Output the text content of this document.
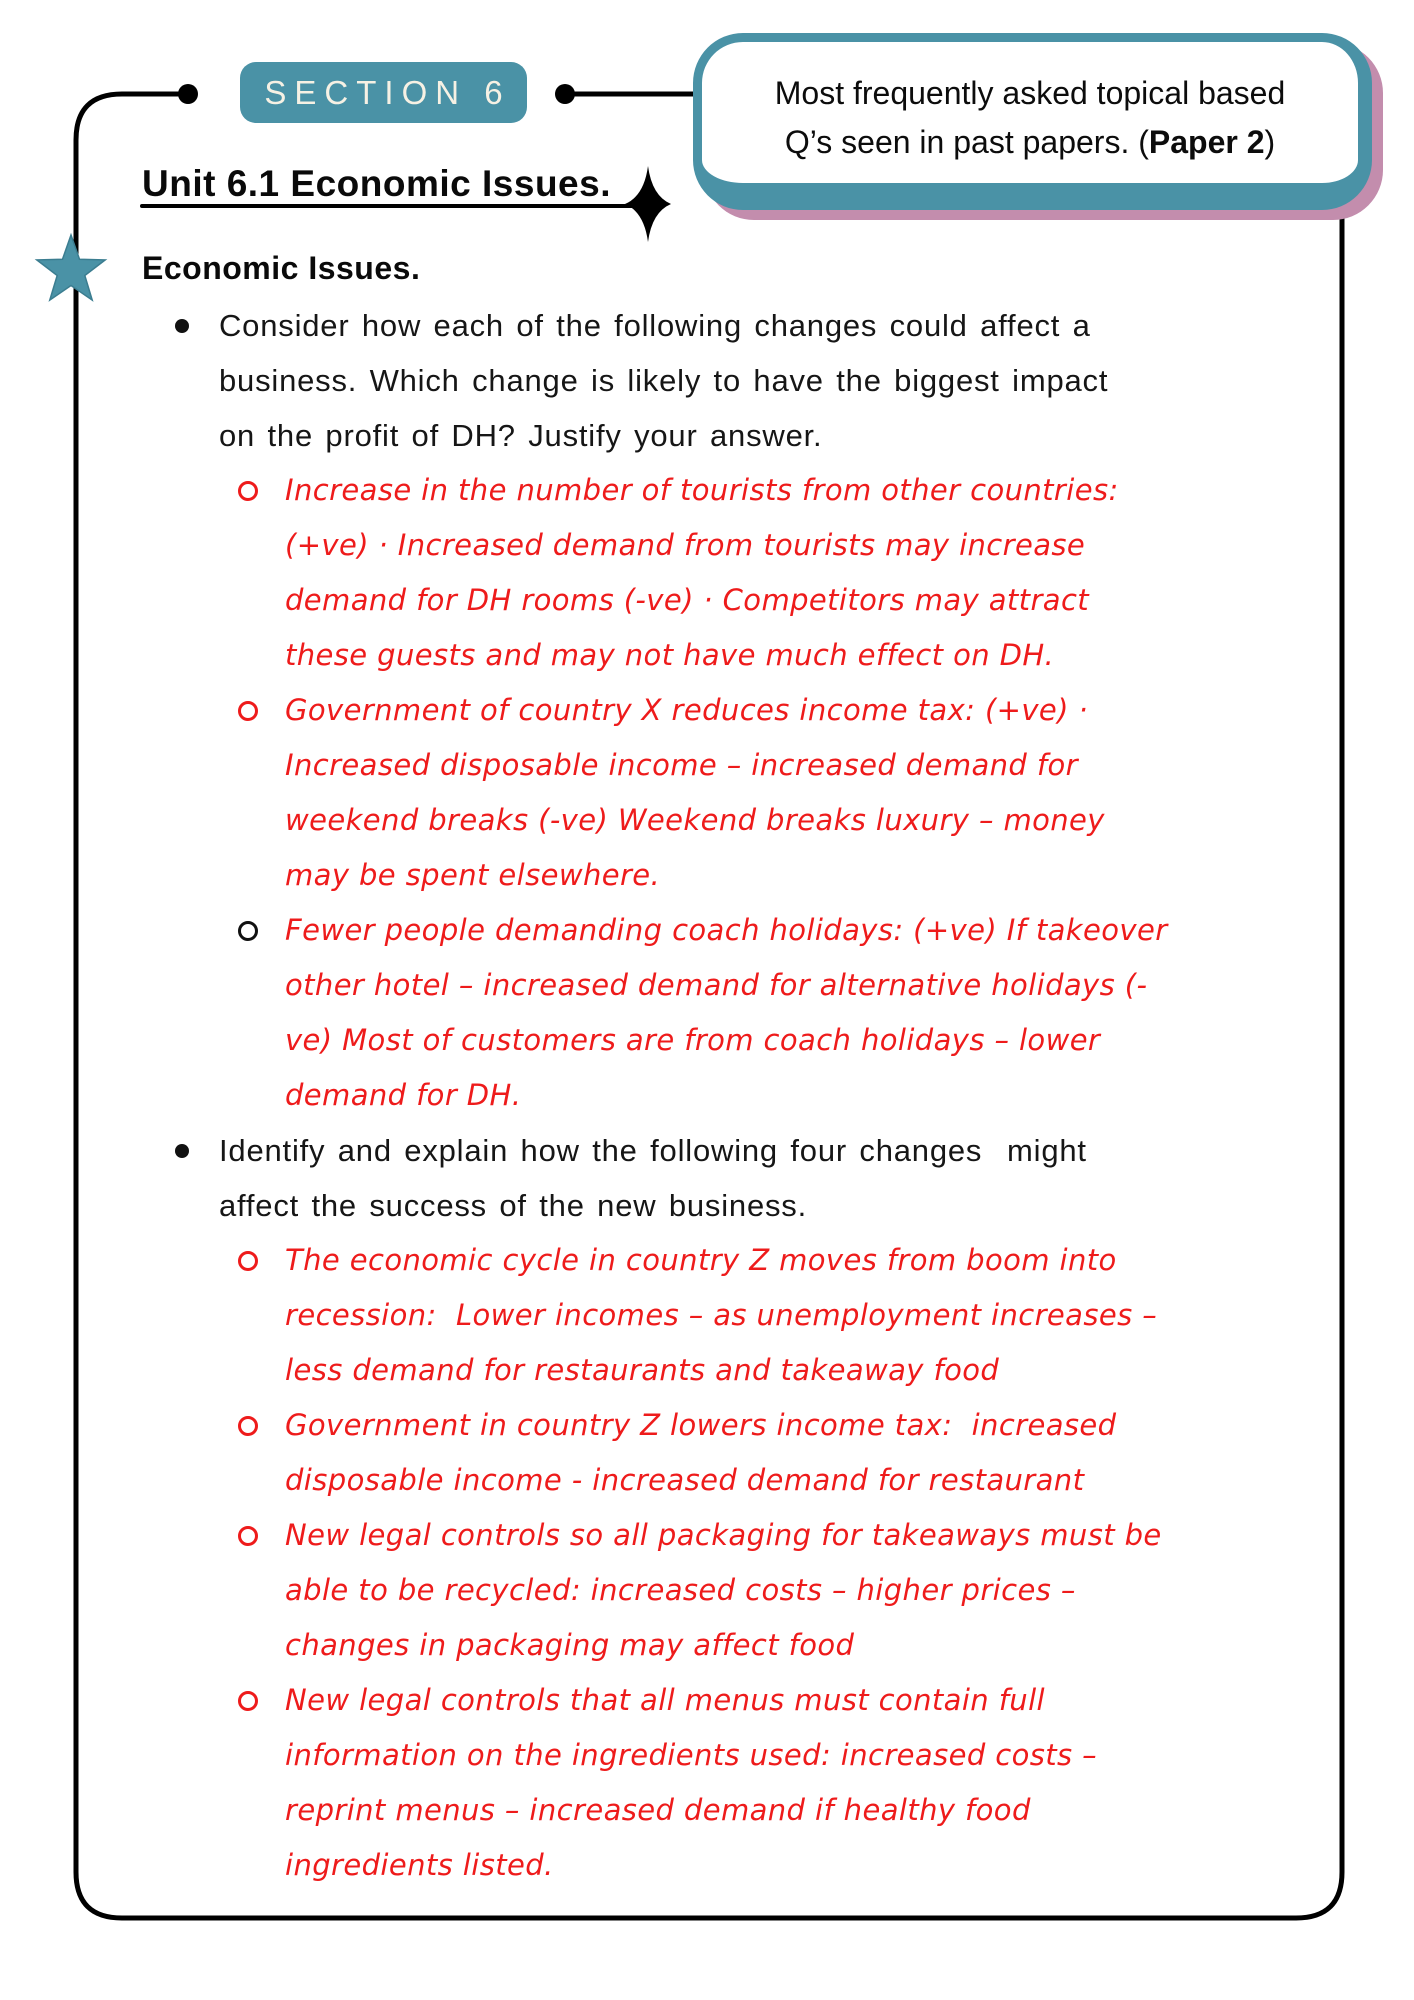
SECTION 6	Most frequently asked topical based
Q’s seen in past papers. (Paper 2)
Unit 6.1 Economic Issues.
Economic Issues.
Consider how each of the following changes could affect a
business. Which change is likely to have the biggest impact
on the profit of DH? Justify your answer.
Increase in the number of tourists from other countries:
(+ve) · Increased demand from tourists may increase
demand for DH rooms (-ve) · Competitors may attract
these guests and may not have much effect on DH.
Government of country X reduces income tax: (+ve) ·
Increased disposable income – increased demand for
weekend breaks (-ve) Weekend breaks luxury – money
may be spent elsewhere.
Fewer people demanding coach holidays: (+ve) If takeover
other hotel – increased demand for alternative holidays (-
ve) Most of customers are from coach holidays – lower
demand for DH.
Identify and explain how the following four changes  might
affect the success of the new business.
The economic cycle in country Z moves from boom into
recession:  Lower incomes – as unemployment increases –
less demand for restaurants and takeaway food
Government in country Z lowers income tax:  increased
disposable income - increased demand for restaurant
New legal controls so all packaging for takeaways must be
able to be recycled: increased costs – higher prices –
changes in packaging may affect food
New legal controls that all menus must contain full
information on the ingredients used: increased costs –
reprint menus – increased demand if healthy food
ingredients listed.
